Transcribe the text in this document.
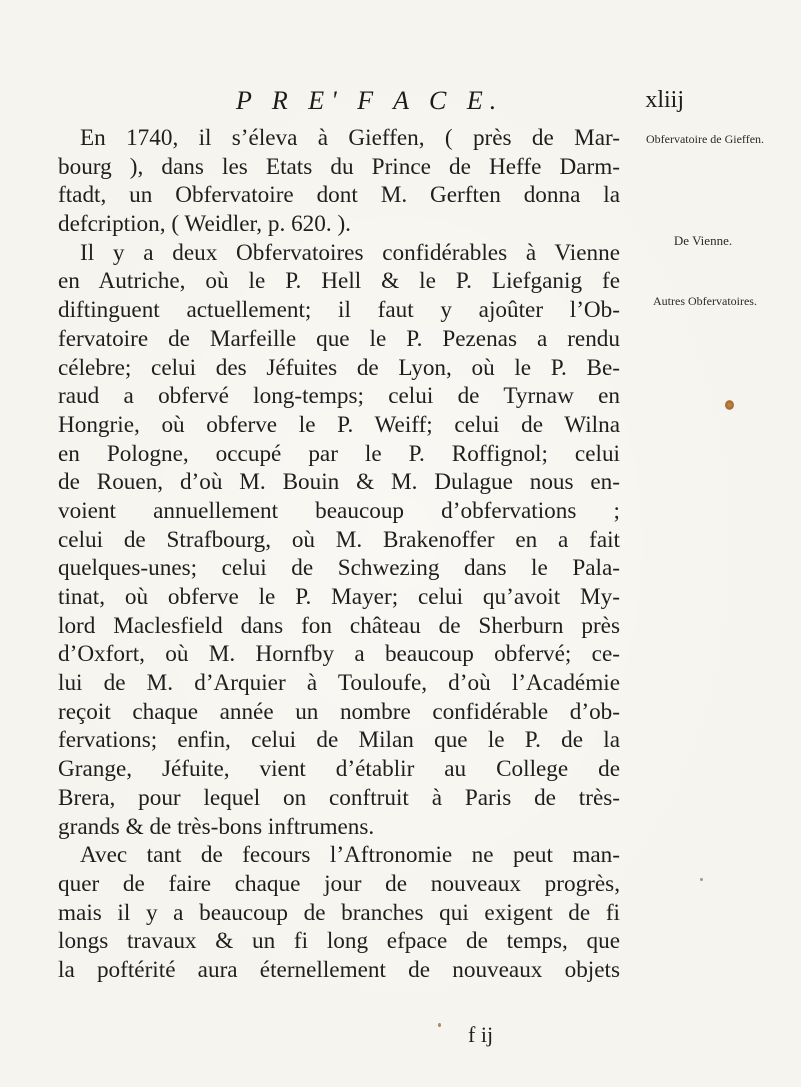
P R E' F A C E.	xliij
En 1740, il s’éleva à Gieffen, ( près de Mar-
bourg ), dans les Etats du Prince de Heffe Darm-
ftadt, un Obfervatoire dont M. Gerften donna la
defcription, ( Weidler, p. 620. ).
Il y a deux Obfervatoires confidérables à Vienne
en Autriche, où le P. Hell & le P. Liefganig fe
diftinguent actuellement; il faut y ajoûter l’Ob-
fervatoire de Marfeille que le P. Pezenas a rendu
célebre; celui des Jéfuites de Lyon, où le P. Be-
raud a obfervé long-temps; celui de Tyrnaw en
Hongrie, où obferve le P. Weiff; celui de Wilna
en Pologne, occupé par le P. Roffignol; celui
de Rouen, d’où M. Bouin & M. Dulague nous en-
voient annuellement beaucoup d’obfervations ;
celui de Strafbourg, où M. Brakenoffer en a fait
quelques-unes; celui de Schwezing dans le Pala-
tinat, où obferve le P. Mayer; celui qu’avoit My-
lord Maclesfield dans fon château de Sherburn près
d’Oxfort, où M. Hornfby a beaucoup obfervé; ce-
lui de M. d’Arquier à Touloufe, d’où l’Académie
reçoit chaque année un nombre confidérable d’ob-
fervations; enfin, celui de Milan que le P. de la
Grange, Jéfuite, vient d’établir au College de
Brera, pour lequel on conftruit à Paris de très-
grands & de très-bons inftrumens.
Avec tant de fecours l’Aftronomie ne peut man-
quer de faire chaque jour de nouveaux progrès,
mais il y a beaucoup de branches qui exigent de fi
longs travaux & un fi long efpace de temps, que
la poftérité aura éternellement de nouveaux objets
Obfervatoire de Gieffen.
De Vienne.
Autres Obfervatoires.
f ij
